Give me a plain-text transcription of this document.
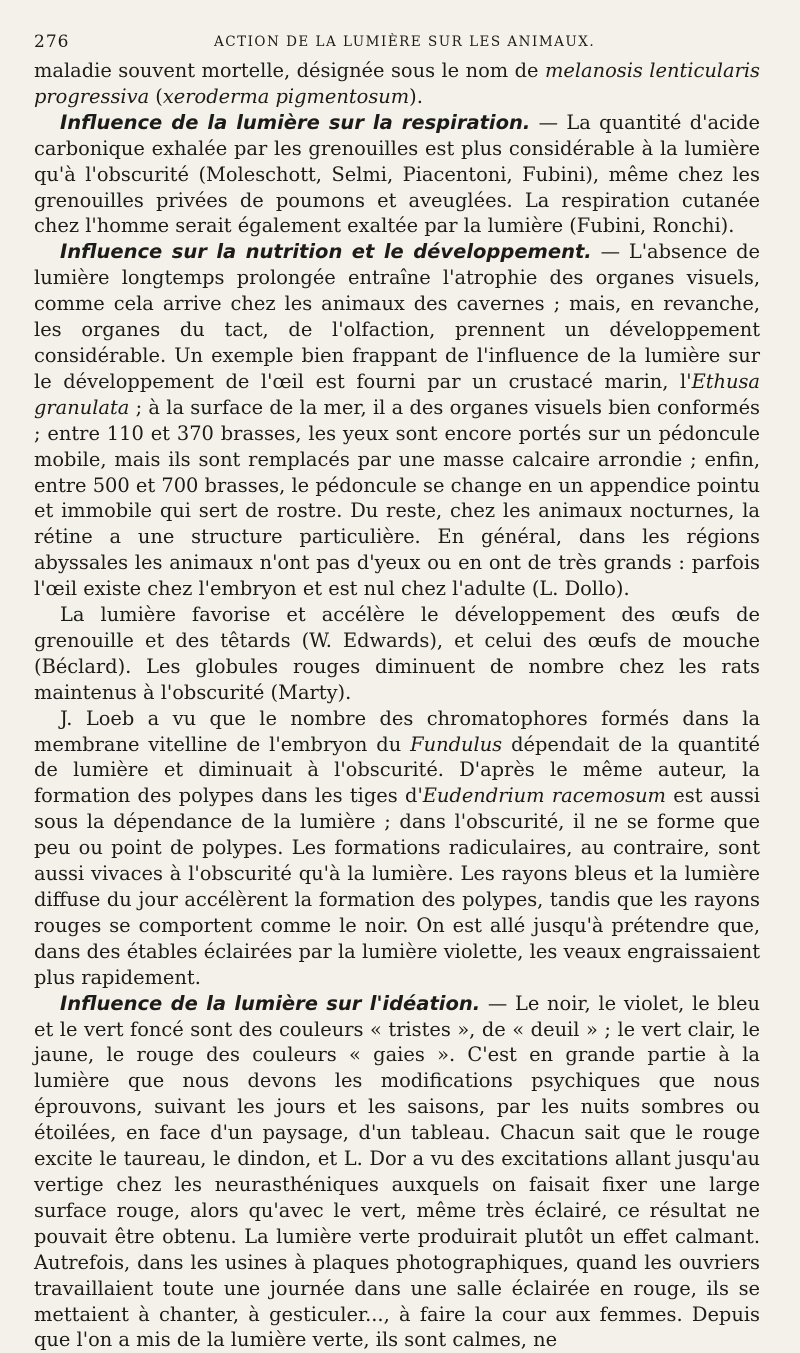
276	ACTION DE LA LUMIÈRE SUR LES ANIMAUX.

maladie souvent mortelle, désignée sous le nom de melanosis lenticularis progressiva (xeroderma pigmentosum).

Influence de la lumière sur la respiration. — La quantité d'acide carbonique exhalée par les grenouilles est plus considérable à la lumière qu'à l'obscurité (Moleschott, Selmi, Piacentoni, Fubini), même chez les grenouilles privées de poumons et aveuglées. La respiration cutanée chez l'homme serait également exaltée par la lumière (Fubini, Ronchi).

Influence sur la nutrition et le développement. — L'absence de lumière longtemps prolongée entraîne l'atrophie des organes visuels, comme cela arrive chez les animaux des cavernes ; mais, en revanche, les organes du tact, de l'olfaction, prennent un développement considérable. Un exemple bien frappant de l'influence de la lumière sur le développement de l'œil est fourni par un crustacé marin, l'Ethusa granulata ; à la surface de la mer, il a des organes visuels bien conformés ; entre 110 et 370 brasses, les yeux sont encore portés sur un pédoncule mobile, mais ils sont remplacés par une masse calcaire arrondie ; enfin, entre 500 et 700 brasses, le pédoncule se change en un appendice pointu et immobile qui sert de rostre. Du reste, chez les animaux nocturnes, la rétine a une structure particulière. En général, dans les régions abyssales les animaux n'ont pas d'yeux ou en ont de très grands : parfois l'œil existe chez l'embryon et est nul chez l'adulte (L. Dollo).

La lumière favorise et accélère le développement des œufs de grenouille et des têtards (W. Edwards), et celui des œufs de mouche (Béclard). Les globules rouges diminuent de nombre chez les rats maintenus à l'obscurité (Marty).

J. Loeb a vu que le nombre des chromatophores formés dans la membrane vitelline de l'embryon du Fundulus dépendait de la quantité de lumière et diminuait à l'obscurité. D'après le même auteur, la formation des polypes dans les tiges d'Eudendrium racemosum est aussi sous la dépendance de la lumière ; dans l'obscurité, il ne se forme que peu ou point de polypes. Les formations radiculaires, au contraire, sont aussi vivaces à l'obscurité qu'à la lumière. Les rayons bleus et la lumière diffuse du jour accélèrent la formation des polypes, tandis que les rayons rouges se comportent comme le noir. On est allé jusqu'à prétendre que, dans des étables éclairées par la lumière violette, les veaux engraissaient plus rapidement.

Influence de la lumière sur l'idéation. — Le noir, le violet, le bleu et le vert foncé sont des couleurs « tristes », de « deuil » ; le vert clair, le jaune, le rouge des couleurs « gaies ». C'est en grande partie à la lumière que nous devons les modifications psychiques que nous éprouvons, suivant les jours et les saisons, par les nuits sombres ou étoilées, en face d'un paysage, d'un tableau. Chacun sait que le rouge excite le taureau, le dindon, et L. Dor a vu des excitations allant jusqu'au vertige chez les neurasthéniques auxquels on faisait fixer une large surface rouge, alors qu'avec le vert, même très éclairé, ce résultat ne pouvait être obtenu. La lumière verte produirait plutôt un effet calmant. Autrefois, dans les usines à plaques photographiques, quand les ouvriers travaillaient toute une journée dans une salle éclairée en rouge, ils se mettaient à chanter, à gesticuler..., à faire la cour aux femmes. Depuis que l'on a mis de la lumière verte, ils sont calmes, ne
